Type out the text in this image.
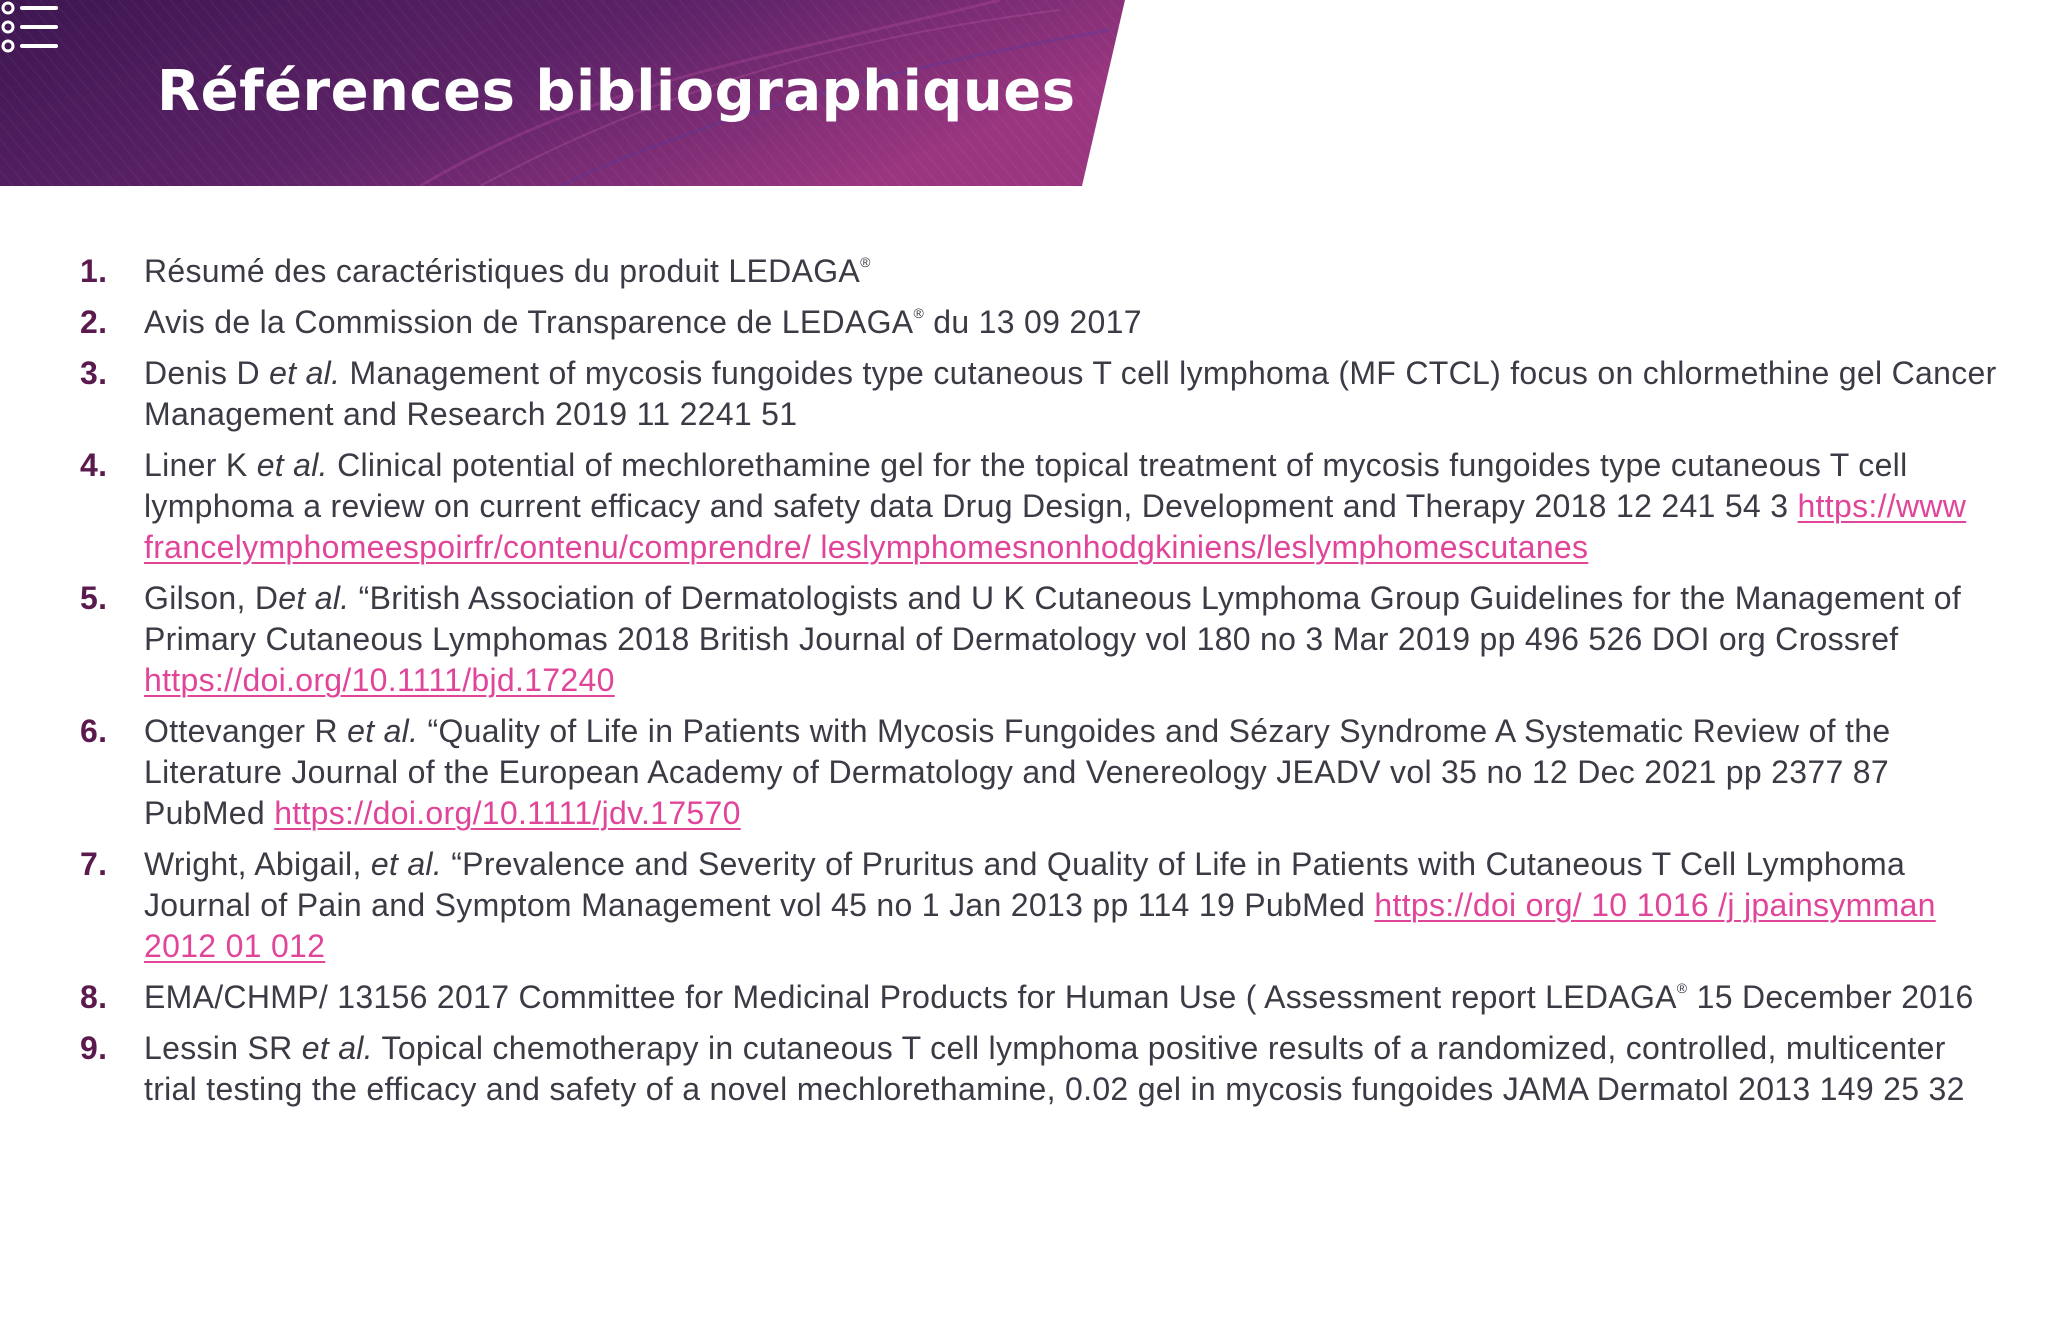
Références bibliographiques
1. Résumé des caractéristiques du produit LEDAGA®
2. Avis de la Commission de Transparence de LEDAGA® du 13 09 2017
3. Denis D et al. Management of mycosis fungoides type cutaneous T cell lymphoma (MF CTCL) focus on chlormethine gel Cancer Management and Research 2019 11 2241 51
4. Liner K et al. Clinical potential of mechlorethamine gel for the topical treatment of mycosis fungoides type cutaneous T cell lymphoma a review on current efficacy and safety data Drug Design, Development and Therapy 2018 12 241 54 3 https://www francelymphomeespoirfr/contenu/comprendre/ leslymphomesnonhodgkiniens/leslymphomescutanes
5. Gilson, Det al. “British Association of Dermatologists and U K Cutaneous Lymphoma Group Guidelines for the Management of Primary Cutaneous Lymphomas 2018 British Journal of Dermatology vol 180 no 3 Mar 2019 pp 496 526 DOI org Crossref https://doi.org/10.1111/bjd.17240
6. Ottevanger R et al. “Quality of Life in Patients with Mycosis Fungoides and Sézary Syndrome A Systematic Review of the Literature Journal of the European Academy of Dermatology and Venereology JEADV vol 35 no 12 Dec 2021 pp 2377 87 PubMed https://doi.org/10.1111/jdv.17570
7. Wright, Abigail, et al. “Prevalence and Severity of Pruritus and Quality of Life in Patients with Cutaneous T Cell Lymphoma Journal of Pain and Symptom Management vol 45 no 1 Jan 2013 pp 114 19 PubMed https://doi org/ 10 1016 /j jpainsymman 2012 01 012
8. EMA/CHMP/ 13156 2017 Committee for Medicinal Products for Human Use ( Assessment report LEDAGA® 15 December 2016
9. Lessin SR et al. Topical chemotherapy in cutaneous T cell lymphoma positive results of a randomized, controlled, multicenter trial testing the efficacy and safety of a novel mechlorethamine, 0.02 gel in mycosis fungoides JAMA Dermatol 2013 149 25 32
